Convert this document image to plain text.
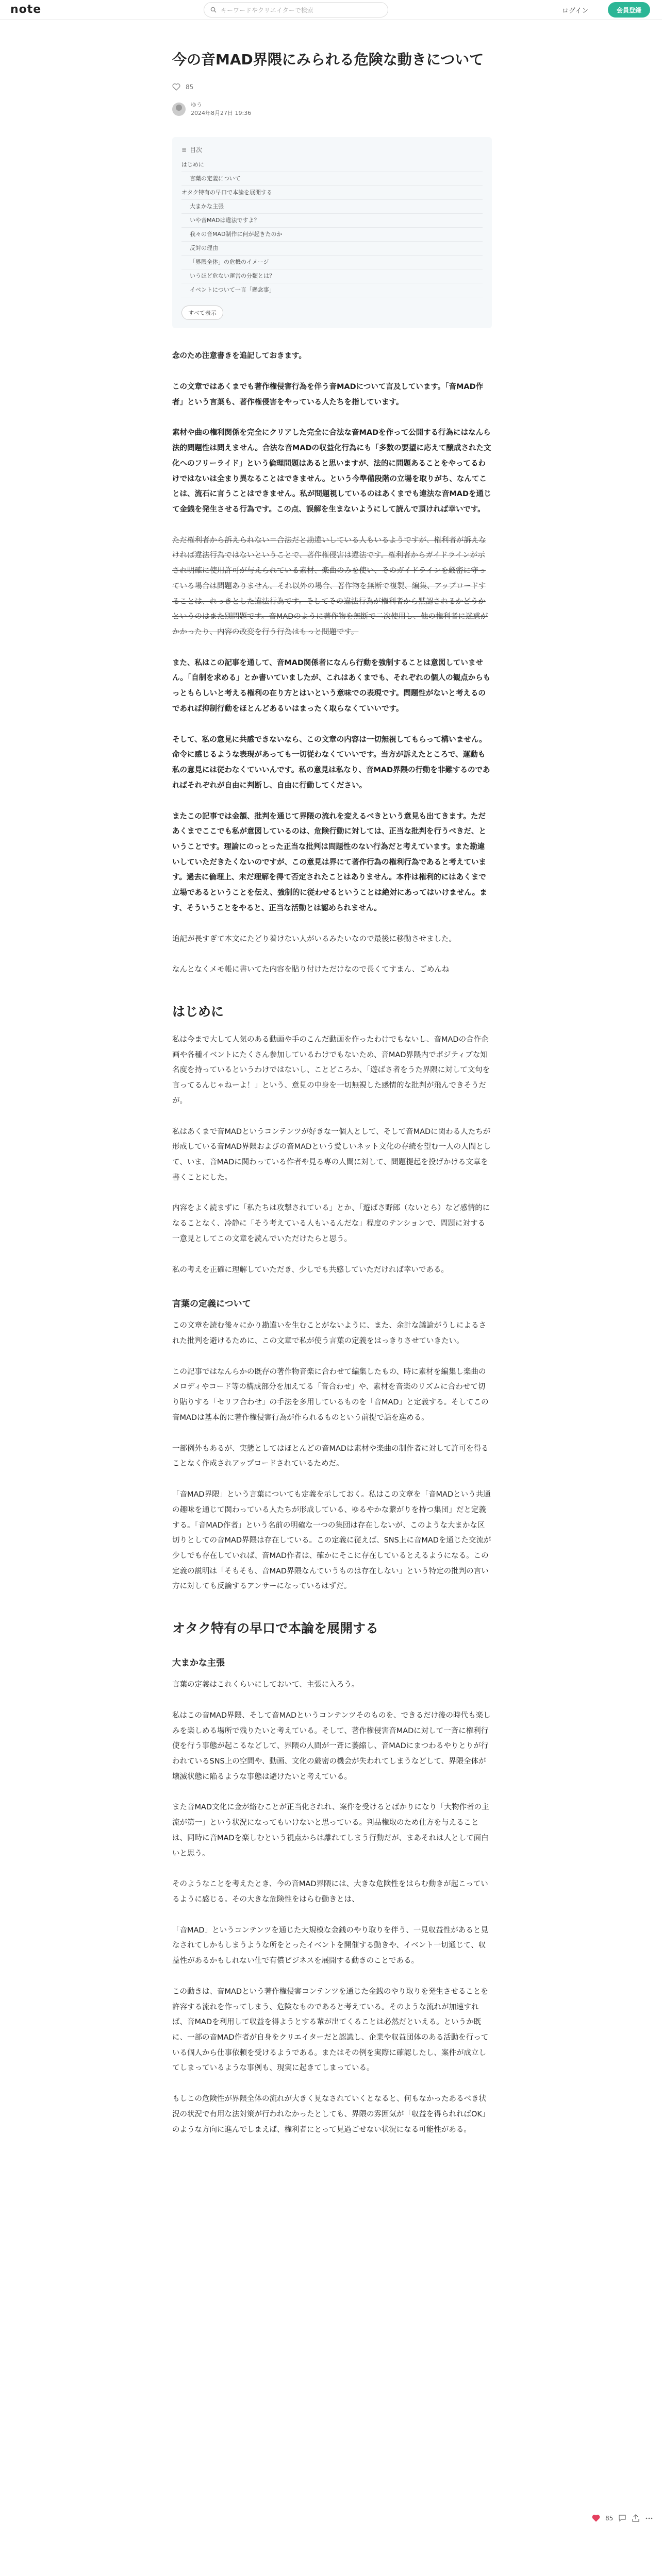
note	キーワードやクリエイターで検索	ログイン	会員登録
今の音MAD界隈にみられる危険な動きについて
85
ゆう
2024年8月27日 19:36
≡ 目次
はじめに
言葉の定義について
オタク特有の早口で本論を展開する
大まかな主張
いや音MADは違法ですよ？
我々の音MAD制作に何が起きたのか
反対の理由
「界隈全体」の危機のイメージ
いうほど危ない運営の分類とは？
イベントについて一言「懸念事」
すべて表示

念のため注意書きを追記しておきます。

この文章ではあくまでも著作権侵害行為を伴う音MADについて言及しています。「音MAD作者」という言葉も、著作権侵害をやっている人たちを指しています。

素材や曲の権利関係を完全にクリアした完全に合法な音MADを作って公開する行為にはなんら法的問題性は問えません。合法な音MADの収益化行為にも「多数の要望に応えて醸成された文化へのフリーライド」という倫理問題はあると思いますが、法的に問題あることをやってるわけではないは全まり異なることはできません。という今準備段階の立場を取りがち、なんてことは、流石に言うことはできません。私が問題視しているのはあくまでも違法な音MADを通じて金銭を発生させる行為です。この点、誤解を生まないようにして読んで頂ければ幸いです。

ただ権利者から訴えられない＝合法だと勘違いしている人もいるようですが、権利者が訴えなければ違法行為ではないということで、著作権侵害は違法です。権利者からガイドラインが示され明確に使用許可が与えられている素材、楽曲のみを使い、そのガイドラインを厳密に守っている場合は問題ありません。それ以外の場合、著作物を無断で複製、編集、アップロードすることは、れっきとした違法行為です。そしてその違法行為が権利者から黙認されるかどうかというのはまた別問題です。音MADのように著作物を無断で二次使用し、他の権利者に迷惑がかかったり、内容の改変を行う行為はもっと問題です。

また、私はこの記事を通して、音MAD関係者になんら行動を強制することは意図していません。「自制を求める」とか書いていましたが、これはあくまでも、それぞれの個人の観点からもっともらしいと考える権利の在り方とはいという意味での表現です。問題性がないと考えるのであれば抑制行動をほとんどあるいはまったく取らなくていいです。

そして、私の意見に共感できないなら、この文章の内容は一切無視してもらって構いません。命令に感じるような表現があっても一切従わなくていいです。当方が訴えたところで、運動も私の意見には従わなくていいんです。私の意見は私なり、音MAD界隈の行動を非難するのであればそれぞれが自由に判断し、自由に行動してください。

またこの記事では金額、批判を通じて界隈の流れを変えるべきという意見も出てきます。ただあくまでここでも私が意図しているのは、危険行動に対しては、正当な批判を行うべきだ、ということです。理論にのっとった正当な批判は問題性のない行為だと考えています。また勘違いしていただきたくないのですが、この意見は界にて著作行為の権利行為であると考えています。過去に倫理上、未だ理解を得て否定されたことはありません。本件は権利的にはあくまで立場であるということを伝え、強制的に従わせるということは絶対にあってはいけません。ます、そういうことをやると、正当な活動とは認められません。

追記が長すぎて本文にたどり着けない人がいるみたいなので最後に移動させました。

なんとなくメモ帳に書いてた内容を貼り付けただけなので長くてすまん、ごめんね

はじめに

私は今まで大して人気のある動画や手のこんだ動画を作ったわけでもないし、音MADの合作企画や各種イベントにたくさん参加しているわけでもないため、音MAD界隈内でポジティブな知名度を持っているというわけではないし、ことどころか、「遊ばさ者をうた界隈に対して文句を言ってるんじゃねーよ！」という、意見の中身を一切無視した感情的な批判が飛んできそうだが。

私はあくまで音MADというコンテンツが好きな一個人として、そして音MADに関わる人たちが形成している音MAD界隈およびの音MADという愛しいネット文化の存続を望む一人の人間として、いま、音MADに関わっている作者や見る専の人間に対して、問題提起を投げかける文章を書くことにした。

内容をよく読まずに「私たちは攻撃されている」とか、「遊ばさ野郎（ないとら）など感情的になることなく、冷静に「そう考えている人もいるんだな」程度のテンションで、問題に対する一意見としてこの文章を読んでいただけたらと思う。

私の考えを正確に理解していただき、少しでも共感していただければ幸いである。

言葉の定義について

この文章を読む後々にかり勘違いを生むことがないように、また、余計な議論がうしによるされた批判を避けるために、この文章で私が使う言葉の定義をはっきりさせていきたい。

この記事ではなんらかの既存の著作物音楽に合わせて編集したもの、時に素材を編集し楽曲のメロディやコード等の構成部分を加えてる「音合わせ」や、素材を音楽のリズムに合わせて切り貼りする「セリフ合わせ」の手法を多用しているものを「音MAD」と定義する。そしてこの音MADは基本的に著作権侵害行為が作られるものという前提で話を進める。

一部例外もあるが、実態としてはほとんどの音MADは素材や楽曲の制作者に対して許可を得ることなく作成されアップロードされているためだ。

「音MAD界隈」という言葉についても定義を示しておく。私はこの文章を「音MADという共通の趣味を通じて関わっている人たちが形成している、ゆるやかな繋がりを持つ集団」だと定義する。「音MAD作者」という名前の明確な一つの集団は存在しないが、このような大まかな区切りとしての音MAD界隈は存在している。この定義に従えば、SNS上に音MADを通じた交流が少しでも存在していれば、音MAD作者は、確かにそこに存在しているとえるようになる。この定義の説明は「そもそも、音MAD界隈なんていうものは存在しない」という特定の批判の言い方に対しても反論するアンサーになっているはずだ。

オタク特有の早口で本論を展開する
大まかな主張

言葉の定義はこれくらいにしておいて、主張に入ろう。

私はこの音MAD界隈、そして音MADというコンテンツそのものを、できるだけ後の時代も楽しみを楽しめる場所で残りたいと考えている。そして、著作権侵害音MADに対して一斉に権利行使を行う事態が起こるなどして、界隈の人間が一斉に萎縮し、音MADにまつわるやりとりが行われているSNS上の空間や、動画、文化の厳密の機会が失われてしまうなどして、界隈全体が壊滅状態に陥るような事態は避けたいと考えている。

また音MAD文化に金が絡むことが正当化されれ、案件を受けるとばかりになり「大物作者の主流が第一」という状況になってもいけないと思っている。判品権取のため仕方を与えることは、同時に音MADを楽しむという視点からは離れてしまう行動だが、まあそれは人として面白いと思う。

そのようなことを考えたとき、今の音MAD界隈には、大きな危険性をはらむ動きが起こっているように感じる。その大きな危険性をはらむ動きとは、

「音MAD」というコンテンツを通じた大規模な金銭のやり取りを伴う、一見収益性があると見なされてしかもしまうような所をとったイベントを開催する動きや、イベント一切通じて、収益性があるかもしれない仕で有償ビジネスを展開する動きのことである。

この動きは、音MADという著作権侵害コンテンツを通じた金銭のやり取りを発生させることを許容する流れを作ってしまう、危険なものであると考えている。そのような流れが加速すれば、音MADを利用して収益を得ようとする輩が出てくることは必然だといえる。というか既に、一部の音MAD作者が自身をクリエイターだと認識し、企業や収益団体のある活動を行っている個人から仕事依頼を受けるようである。またはその例を実際に確認したし、案件が成立してしまっているような事例も、現実に起きてしまっている。

もしこの危険性が界隈全体の流れが大きく見なされていくとなると、何もなかったあるべき状況の状況で有用な法対策が行われなかったとしても、界隈の雰囲気が「収益を得られればOK」のような方向に進んでしまえば、権利者にとって見過ごせない状況になる可能性がある。

85
